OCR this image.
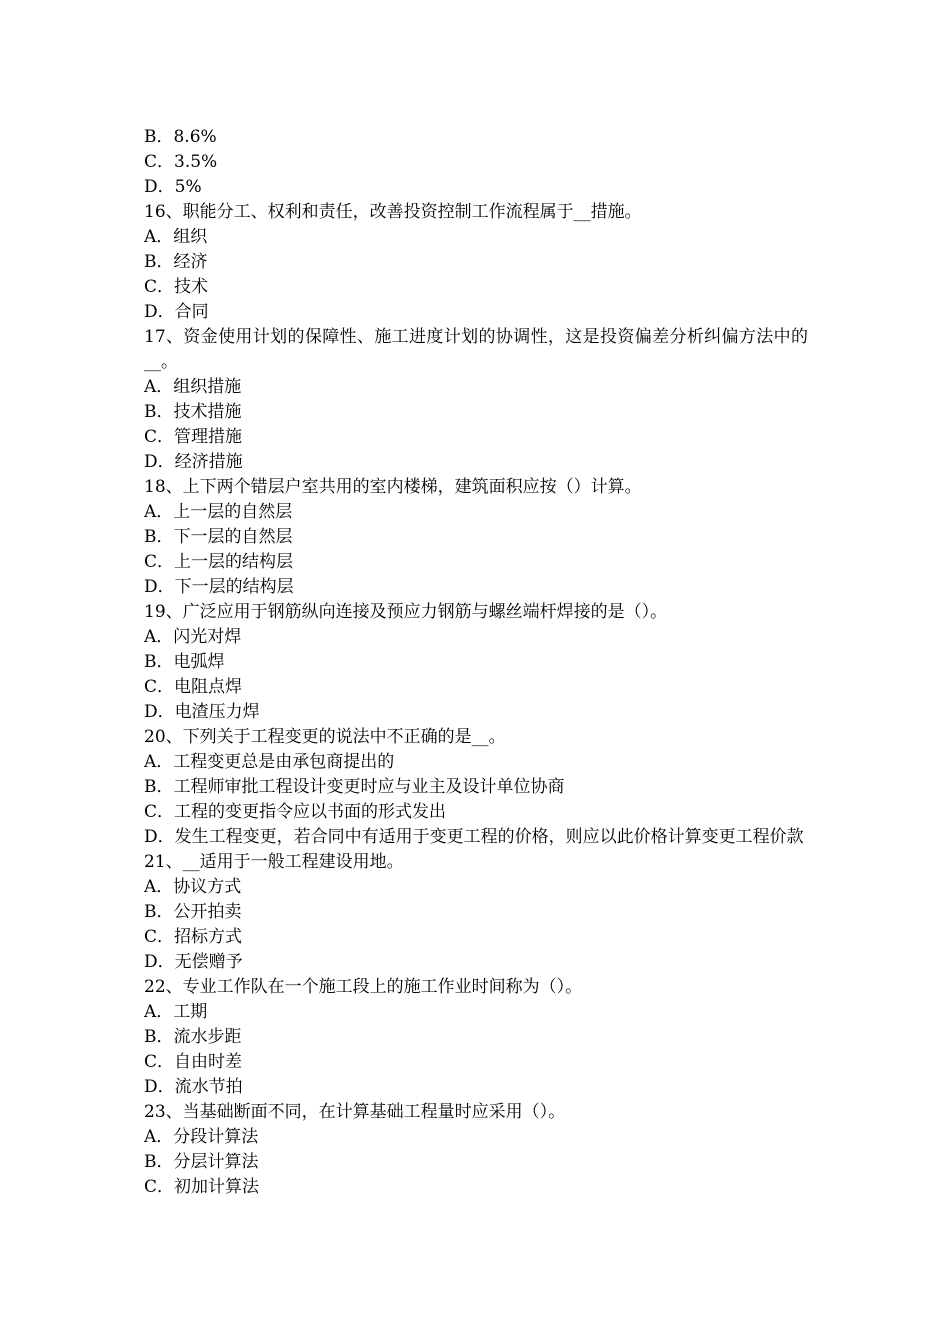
B．8.6%
C．3.5%
D．5%
16、职能分工、权利和责任，改善投资控制工作流程属于__措施。
A．组织
B．经济
C．技术
D．合同
17、资金使用计划的保障性、施工进度计划的协调性，这是投资偏差分析纠偏方法中的__。
A．组织措施
B．技术措施
C．管理措施
D．经济措施
18、上下两个错层户室共用的室内楼梯，建筑面积应按（）计算。
A．上一层的自然层
B．下一层的自然层
C．上一层的结构层
D．下一层的结构层
19、广泛应用于钢筋纵向连接及预应力钢筋与螺丝端杆焊接的是（）。
A．闪光对焊
B．电弧焊
C．电阻点焊
D．电渣压力焊
20、下列关于工程变更的说法中不正确的是__。
A．工程变更总是由承包商提出的
B．工程师审批工程设计变更时应与业主及设计单位协商
C．工程的变更指令应以书面的形式发出
D．发生工程变更，若合同中有适用于变更工程的价格，则应以此价格计算变更工程价款
21、__适用于一般工程建设用地。
A．协议方式
B．公开拍卖
C．招标方式
D．无偿赠予
22、专业工作队在一个施工段上的施工作业时间称为（）。
A．工期
B．流水步距
C．自由时差
D．流水节拍
23、当基础断面不同，在计算基础工程量时应采用（）。
A．分段计算法
B．分层计算法
C．初加计算法
